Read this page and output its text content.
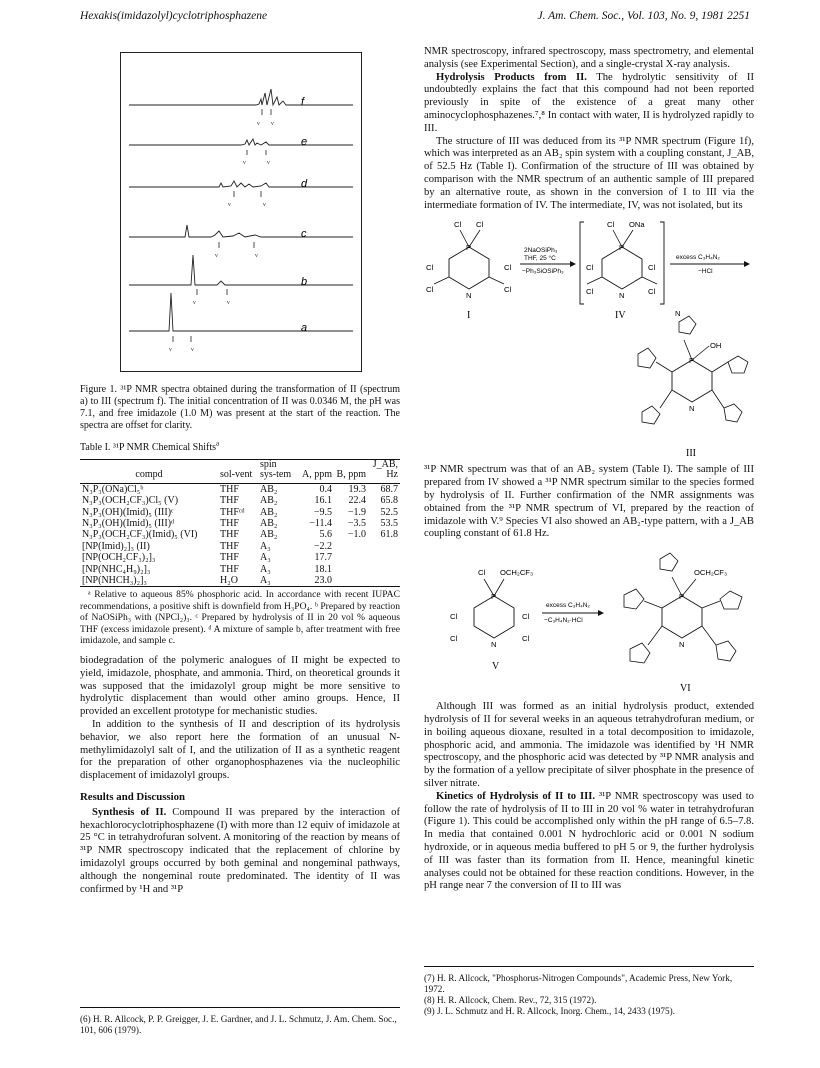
Hexakis(imidazolyl)cyclotriphosphazene	J. Am. Chem. Soc., Vol. 103, No. 9, 1981 2251
ν ν
f
ν	ν
e
ν	ν
d
ν	ν
c
ν	ν
b
ν	ν
a

Figure 1. ³¹P NMR spectra obtained during the transformation of II (spectrum a) to III (spectrum f). The initial concentration of II was 0.0346 M, the pH was 7.1, and free imidazole (1.0 M) was present at the start of the reaction. The spectra are offset for clarity.

Table I. ³¹P NMR Chemical Shifts$^a$
compd	sol-vent	spin sys-tem	A, ppm	B, ppm	J_AB, Hz
N₃P₃(ONa)Cl₅ᵇ	THF	AB₂	0.4	19.3	68.7
N₃P₃(OCH₂CF₃)Cl₅ (V)	THF	AB₂	16.1	22.4	65.8
N₃P₃(OH)(Imid)₅ (III)ᶜ	THFᶜᵈ	AB₂	−9.5	−1.9	52.5
N₃P₃(OH)(Imid)₅ (III)ᵈ	THF	AB₂	−11.4	−3.5	53.5
N₃P₃(OCH₂CF₃)(Imid)₅ (VI)	THF	AB₂	5.6	−1.0	61.8
[NP(Imid)₂]₃ (II)	THF	A₃	−2.2		
[NP(OCH₂CF₃)₂]₃	THF	A₃	17.7		
[NP(NHC₄H₉)₂]₃	THF	A₃	18.1		
[NP(NHCH₃)₂]₃	H₂O	A₃	23.0		

ᵃ Relative to aqueous 85% phosphoric acid. In accordance with recent IUPAC recommendations, a positive shift is downfield from H₃PO₄. ᵇ Prepared by reaction of NaOSiPh₃ with (NPCl₂)₃. ᶜ Prepared by hydrolysis of II in 20 vol % aqueous THF (excess imidazole present). ᵈ A mixture of sample b, after treatment with free imidazole, and sample c.

biodegradation of the polymeric analogues of II might be expected to yield, imidazole, phosphate, and ammonia. Third, on theoretical grounds it was supposed that the imidazolyl group might be more sensitive to hydrolytic displacement than would other amino groups. Hence, II provided an excellent prototype for mechanistic studies.

In addition to the synthesis of II and description of its hydrolysis behavior, we also report here the formation of an unusual N-methylimidazolyl salt of I, and the utilization of II as a synthetic reagent for the preparation of other organophosphazenes via the nucleophilic displacement of imidazolyl groups.

Results and Discussion

Synthesis of II. Compound II was prepared by the interaction of hexachlorocyclotriphosphazene (I) with more than 12 equiv of imidazole at 25 °C in tetrahydrofuran solvent. A monitoring of the reaction by means of ³¹P NMR spectroscopy indicated that the replacement of chlorine by imidazolyl groups occurred by both geminal and nongeminal pathways, although the nongeminal route predominated. The identity of II was confirmed by ¹H and ³¹P

NMR spectroscopy, infrared spectroscopy, mass spectrometry, and elemental analysis (see Experimental Section), and a single-crystal X-ray analysis.

Hydrolysis Products from II. The hydrolytic sensitivity of II undoubtedly explains the fact that this compound had not been reported previously in spite of the existence of a great many other aminocyclophosphazenes.⁷,⁸ In contact with water, II is hydrolyzed rapidly to III.

The structure of III was deduced from its ³¹P NMR spectrum (Figure 1f), which was interpreted as an AB₂ spin system with a coupling constant, J_AB, of 52.5 Hz (Table I). Confirmation of the structure of III was obtained by comparison with the NMR spectrum of an authentic sample of III prepared by an alternative route, as shown in the conversion of I to III via the intermediate formation of IV. The intermediate, IV, was not isolated, but its

Cl Cl
Cl	Cl
Cl	Cl
P
N
I
2NaOSiPh₃
THF, 25 °C
−Ph₃SiOSiPh₃
Cl ONa
Cl	Cl
Cl	Cl
P
N
IV
excess C₃H₄N₂
−HCl
OH
N
P
N
III

³¹P NMR spectrum was that of an AB₂ system (Table I). The sample of III prepared from IV showed a ³¹P NMR spectrum similar to the species formed by hydrolysis of II. Further confirmation of the NMR assignments was obtained from the ³¹P NMR spectrum of VI, prepared by the reaction of imidazole with V.⁹ Species VI also showed an AB₂-type pattern, with a J_AB coupling constant of 61.8 Hz.

Cl OCH₂CF₃
Cl	Cl
Cl	Cl
P
N
V
excess C₃H₄N₂
−C₃H₄N₂·HCl
OCH₂CF₃
P
N
VI

Although III was formed as an initial hydrolysis product, extended hydrolysis of II for several weeks in an aqueous tetrahydrofuran medium, or in boiling aqueous dioxane, resulted in a total decomposition to imidazole, phosphoric acid, and ammonia. The imidazole was identified by ¹H NMR spectroscopy, and the phosphoric acid was detected by ³¹P NMR analysis and by the formation of a yellow precipitate of silver phosphate in the presence of silver nitrate.

Kinetics of Hydrolysis of II to III. ³¹P NMR spectroscopy was used to follow the rate of hydrolysis of II to III in 20 vol % water in tetrahydrofuran (Figure 1). This could be accomplished only within the pH range of 6.5–7.8. In media that contained 0.001 N hydrochloric acid or 0.001 N sodium hydroxide, or in aqueous media buffered to pH 5 or 9, the further hydrolysis of III was faster than its formation from II. Hence, meaningful kinetic analyses could not be obtained for these reaction conditions. However, in the pH range near 7 the conversion of II to III was

(6) H. R. Allcock, P. P. Greigger, J. E. Gardner, and J. L. Schmutz, J. Am. Chem. Soc., 101, 606 (1979).
(7) H. R. Allcock, "Phosphorus-Nitrogen Compounds", Academic Press, New York, 1972.
(8) H. R. Allcock, Chem. Rev., 72, 315 (1972).
(9) J. L. Schmutz and H. R. Allcock, Inorg. Chem., 14, 2433 (1975).
